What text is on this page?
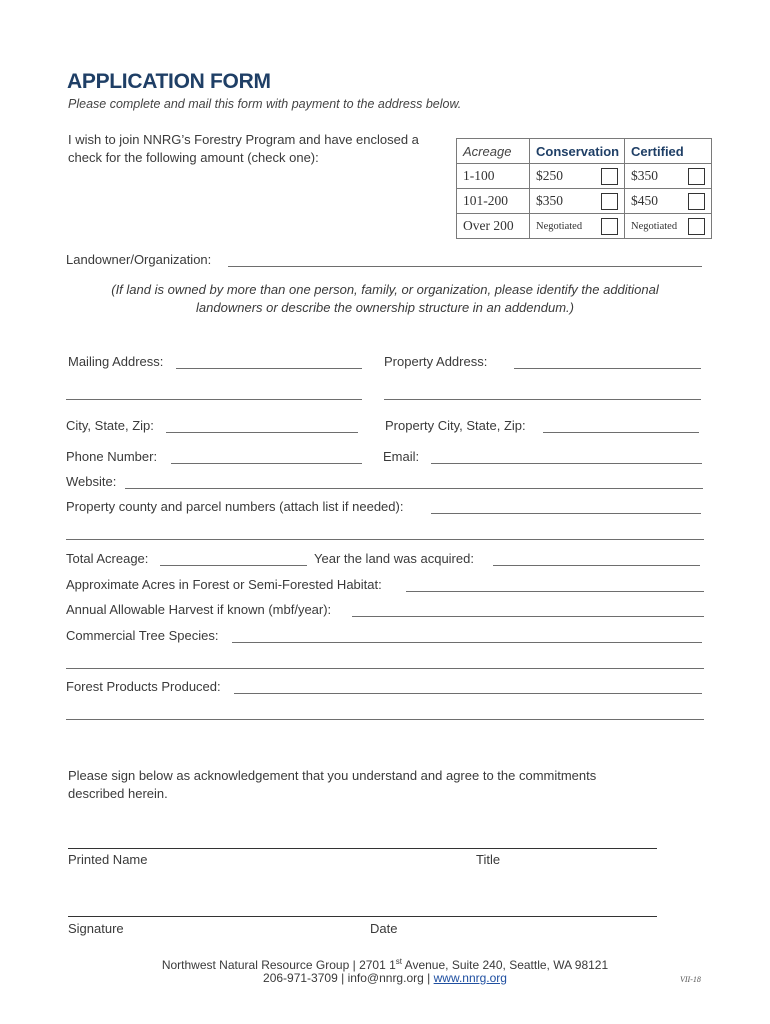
APPLICATION FORM
Please complete and mail this form with payment to the address below.
I wish to join NNRG’s Forestry Program and have enclosed a check for the following amount (check one):	Acreage	Conservation	Certified
1-100	$250	$350

101-200	$350	$450

Over 200	Negotiated	Negotiated
Landowner/Organization:
(If land is owned by more than one person, family, or organization, please identify the additional landowners or describe the ownership structure in an addendum.)
Mailing Address:	Property Address:
City, State, Zip:	Property City, State, Zip:
Phone Number:	Email:
Website:
Property county and parcel numbers (attach list if needed):
Total Acreage:	Year the land was acquired:
Approximate Acres in Forest or Semi-Forested Habitat:
Annual Allowable Harvest if known (mbf/year):
Commercial Tree Species:
Forest Products Produced:
Please sign below as acknowledgement that you understand and agree to the commitments described herein.
Printed Name	Title
Signature	Date
Northwest Natural Resource Group | 2701 1st Avenue, Suite 240, Seattle, WA 98121
206-971-3709 | info@nnrg.org | www.nnrg.org	VII-18
